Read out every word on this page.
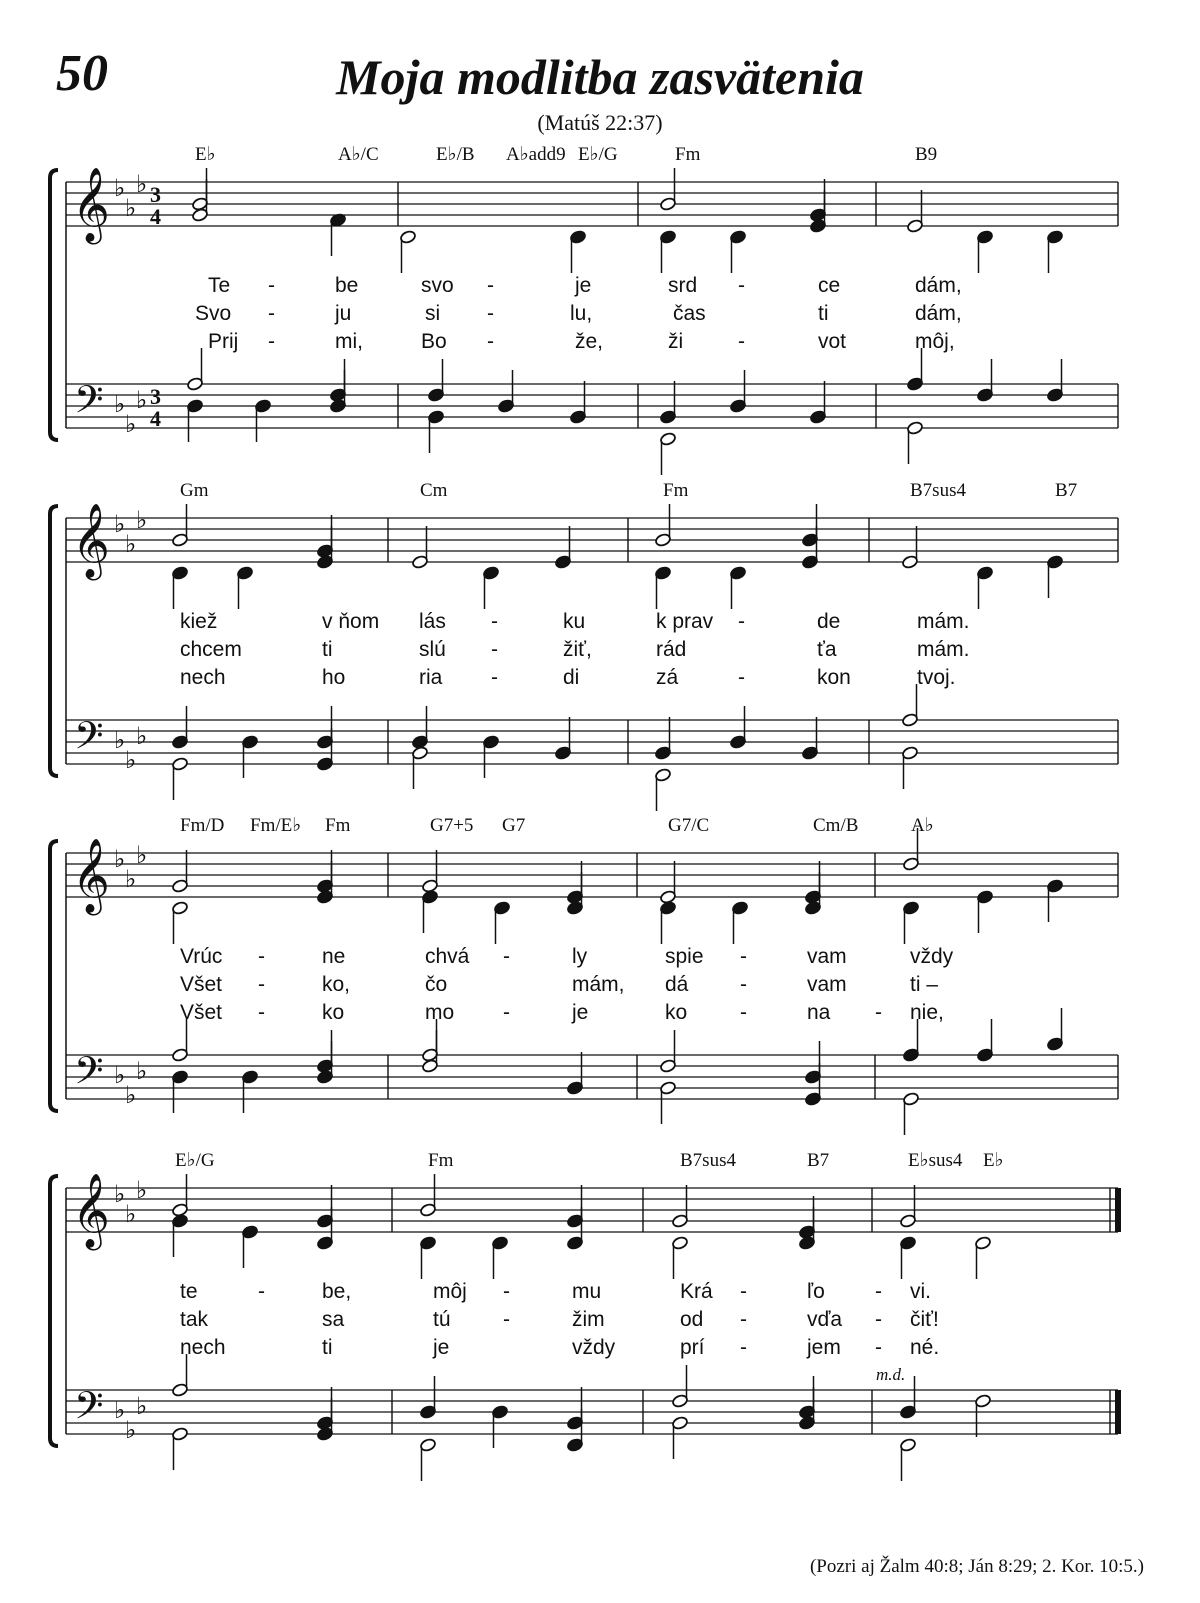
50	Moja modlitba zasvätenia
(Matúš 22:37)
E♭	A♭/C	E♭/B A♭add9 E♭/G	Fm	B9
Te -	be	svo -	je	srd -	ce	dám,
Svo -	ju	si -	lu,	čas	ti	dám,
Prij -	mi,	Bo -	že,	ži	-	vot	môj,
𝄞 ♭
♭
♭ 3
4
𝄢 ♭
♭
♭ 3
4
Gm	Cm	Fm	B7sus4	B7
kiež	v ňom lás -	ku	k prav -	de	mám.
chcem	ti	slú -	žiť,	rád	ťa	mám.
nech	ho	ria -	di	zá	-	kon	tvoj.
𝄞 ♭
♭
♭
𝄢 ♭
♭
♭
Fm/D Fm/E♭ Fm	G7+5 G7	G7/C	Cm/B	A♭
Vrúc -	ne	chvá -	ly	spie -	vam	vždy
Všet -	ko,	čo	mám, dá -	vam	ti –
Všet -	ko	mo -	je	ko	-	na - nie,
𝄞 ♭
♭
♭
𝄢 ♭
♭
♭
E♭/G	Fm	B7sus4	B7	E♭sus4 E♭
te	-	be,	môj -	mu	Krá -	ľo - vi.
tak	sa	tú -	žim	od -	vďa - čiť!
nech	ti	je	vždy	prí -	jem - né.
m.d.
𝄞 ♭
♭
♭
𝄢 ♭
♭
♭
(Pozri aj Žalm 40:8; Ján 8:29; 2. Kor. 10:5.)
